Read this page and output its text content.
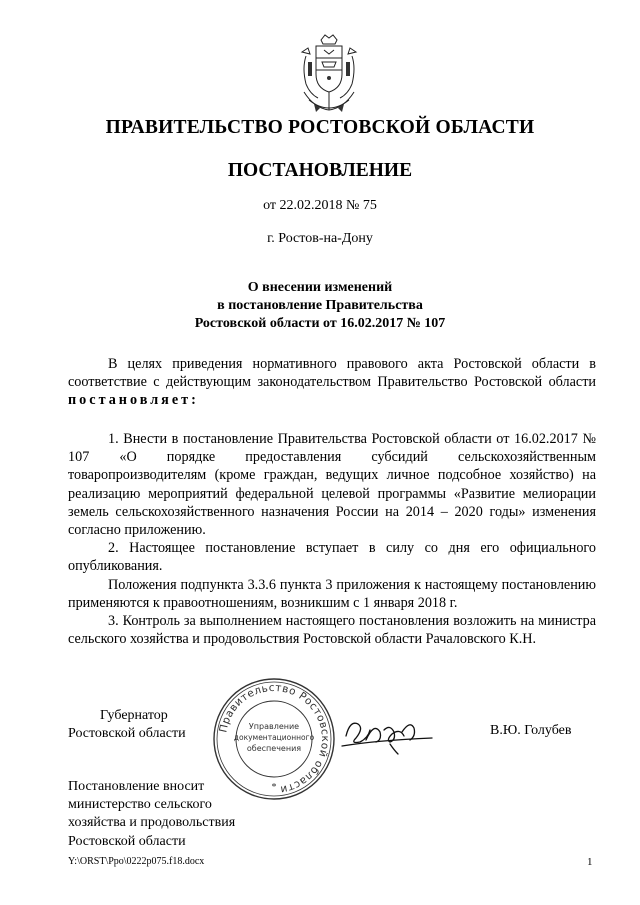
ПРАВИТЕЛЬСТВО РОСТОВСКОЙ ОБЛАСТИ
ПОСТАНОВЛЕНИЕ
от 22.02.2018 № 75
г. Ростов-на-Дону
О внесении изменений
в постановление Правительства
Ростовской области от 16.02.2017 № 107

В целях приведения нормативного правового акта Ростовской области в соответствие с действующим законодательством Правительство Ростовской области постановляет:

1. Внести в постановление Правительства Ростовской области от 16.02.2017 № 107 «О порядке предоставления субсидий сельскохозяйственным товаропроизводителям (кроме граждан, ведущих личное подсобное хозяйство) на реализацию мероприятий федеральной целевой программы «Развитие мелиорации земель сельскохозяйственного назначения России на 2014 – 2020 годы» изменения согласно приложению.

2. Настоящее постановление вступает в силу со дня его официального опубликования.

Положения подпункта 3.3.6 пункта 3 приложения к настоящему постановлению применяются к правоотношениям, возникшим с 1 января 2018 г.

3. Контроль за выполнением настоящего постановления возложить на министра сельского хозяйства и продовольствия Ростовской области Рачаловского К.Н.

Губернатор
Ростовской области	Правительство Ростовской области
Управление
документационного
обеспечения
*
В.Ю. Голубев
Постановление вносит
министерство сельского
хозяйства и продовольствия
Ростовской области
Y:\ORST\Ppo\0222p075.f18.docx	1
